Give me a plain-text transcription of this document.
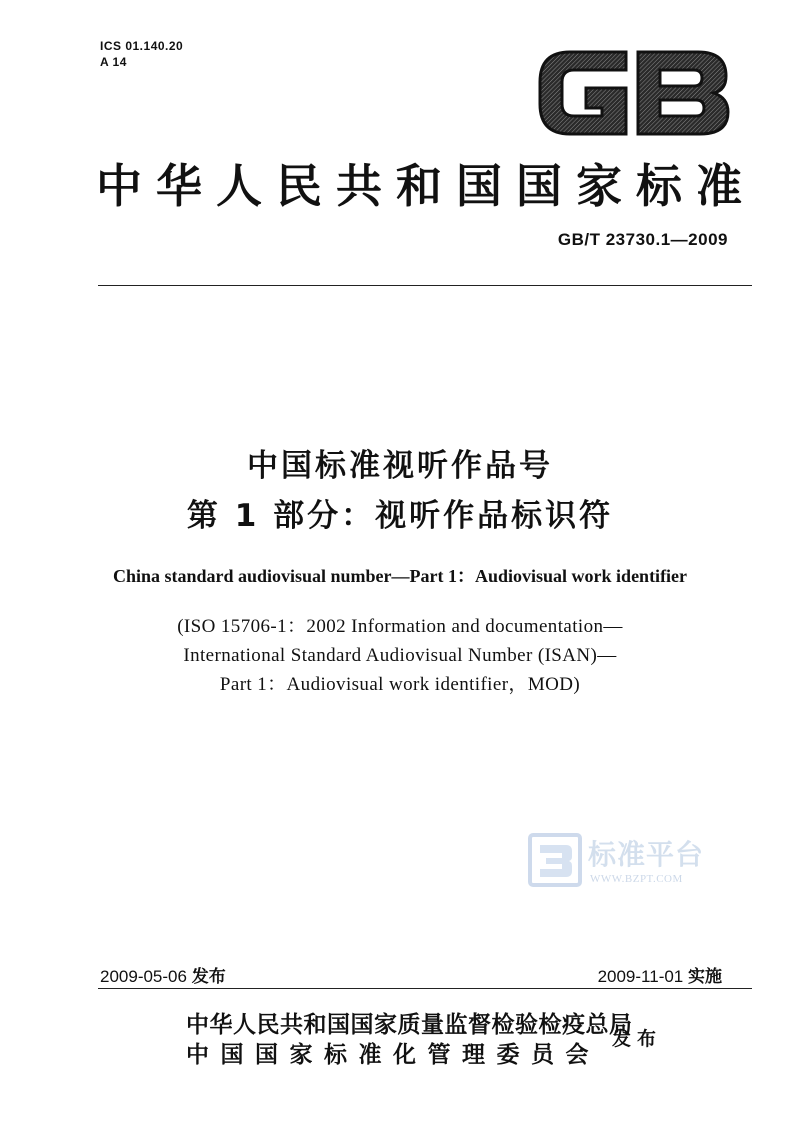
ICS 01.140.20
A 14
GB
中华人民共和国国家标准
GB/T 23730.1—2009
中国标准视听作品号
第 1 部分：视听作品标识符
China standard audiovisual number—Part 1：Audiovisual work identifier
(ISO 15706-1：2002 Information and documentation—
International Standard Audiovisual Number (ISAN)—
Part 1：Audiovisual work identifier，MOD)
标准平台
WWW.BZPT.COM
2009-05-06 发布	2009-11-01 实施
中华人民共和国国家质量监督检验检疫总局
中国国家标准化管理委员会
发布
